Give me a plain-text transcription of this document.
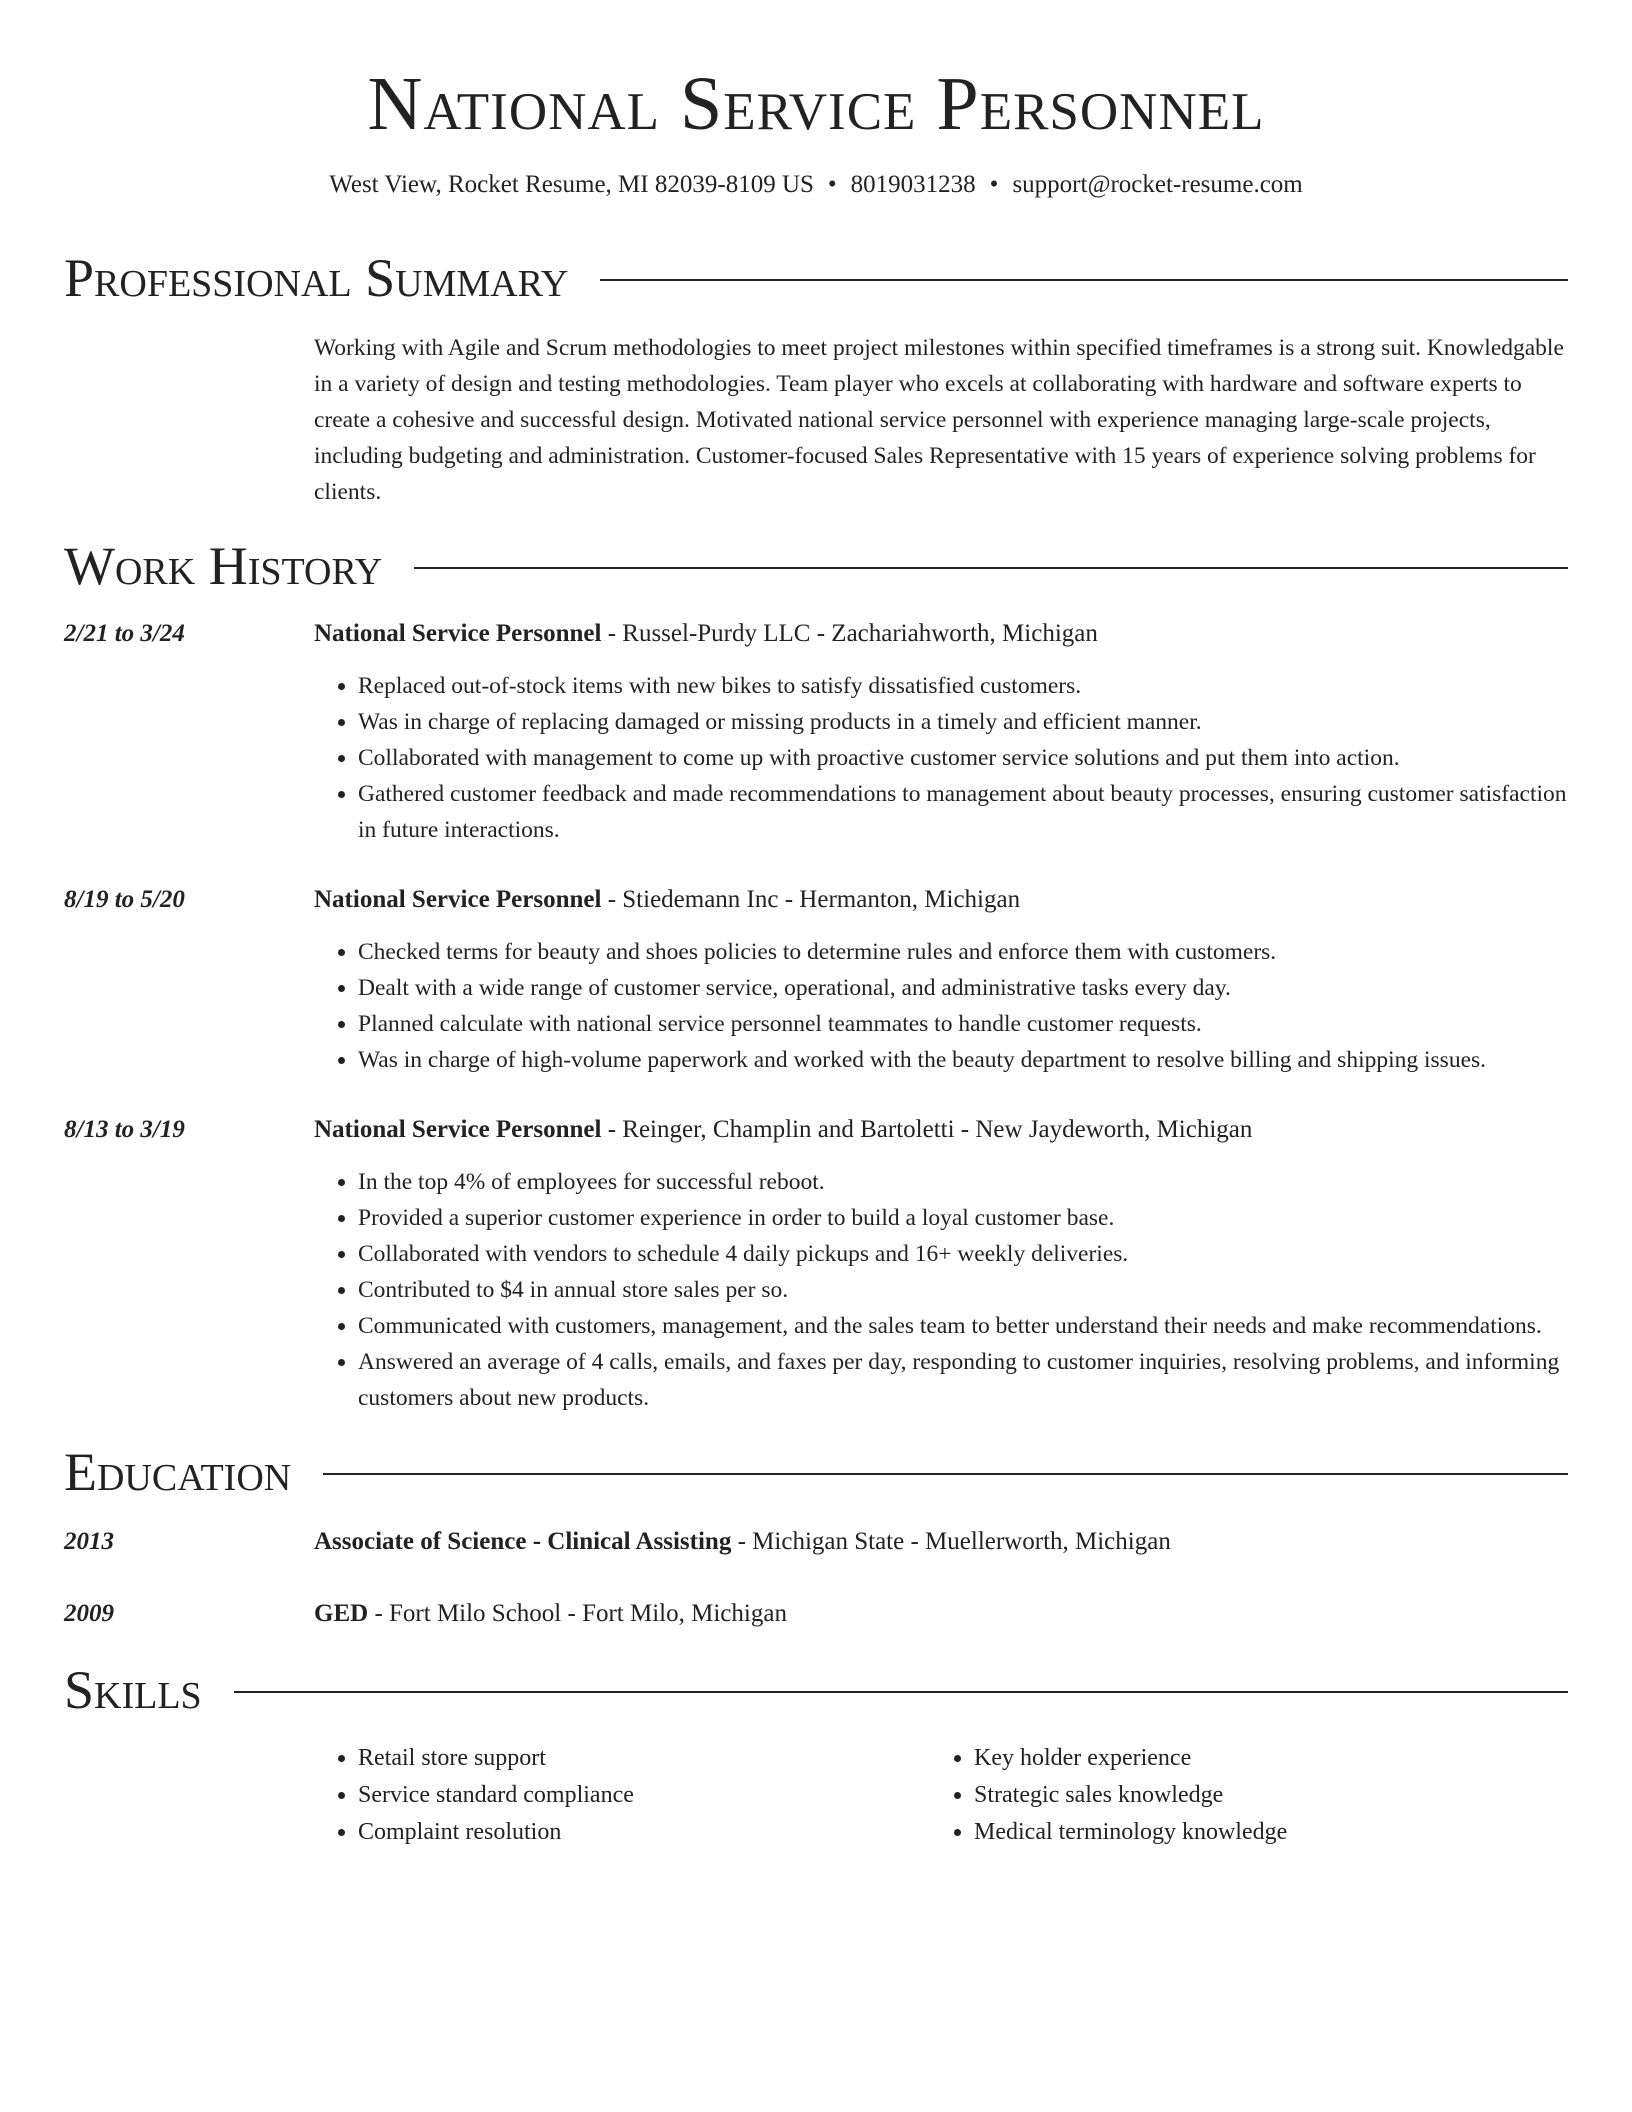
National Service Personnel
West View, Rocket Resume, MI 82039-8109 US • 8019031238 • support@rocket-resume.com
Professional Summary
Working with Agile and Scrum methodologies to meet project milestones within specified timeframes is a strong suit. Knowledgable in a variety of design and testing methodologies. Team player who excels at collaborating with hardware and software experts to create a cohesive and successful design. Motivated national service personnel with experience managing large-scale projects, including budgeting and administration. Customer-focused Sales Representative with 15 years of experience solving problems for clients.
Work History
2/21 to 3/24	National Service Personnel - Russel-Purdy LLC - Zachariahworth, Michigan
• Replaced out-of-stock items with new bikes to satisfy dissatisfied customers.
• Was in charge of replacing damaged or missing products in a timely and efficient manner.
• Collaborated with management to come up with proactive customer service solutions and put them into action.
• Gathered customer feedback and made recommendations to management about beauty processes, ensuring customer satisfaction in future interactions.
8/19 to 5/20	National Service Personnel - Stiedemann Inc - Hermanton, Michigan
• Checked terms for beauty and shoes policies to determine rules and enforce them with customers.
• Dealt with a wide range of customer service, operational, and administrative tasks every day.
• Planned calculate with national service personnel teammates to handle customer requests.
• Was in charge of high-volume paperwork and worked with the beauty department to resolve billing and shipping issues.
8/13 to 3/19	National Service Personnel - Reinger, Champlin and Bartoletti - New Jaydeworth, Michigan
• In the top 4% of employees for successful reboot.
• Provided a superior customer experience in order to build a loyal customer base.
• Collaborated with vendors to schedule 4 daily pickups and 16+ weekly deliveries.
• Contributed to $4 in annual store sales per so.
• Communicated with customers, management, and the sales team to better understand their needs and make recommendations.
• Answered an average of 4 calls, emails, and faxes per day, responding to customer inquiries, resolving problems, and informing customers about new products.
Education
2013	Associate of Science - Clinical Assisting - Michigan State - Muellerworth, Michigan
2009	GED - Fort Milo School - Fort Milo, Michigan
Skills
• Retail store support
• Service standard compliance
• Complaint resolution
• Key holder experience
• Strategic sales knowledge
• Medical terminology knowledge
